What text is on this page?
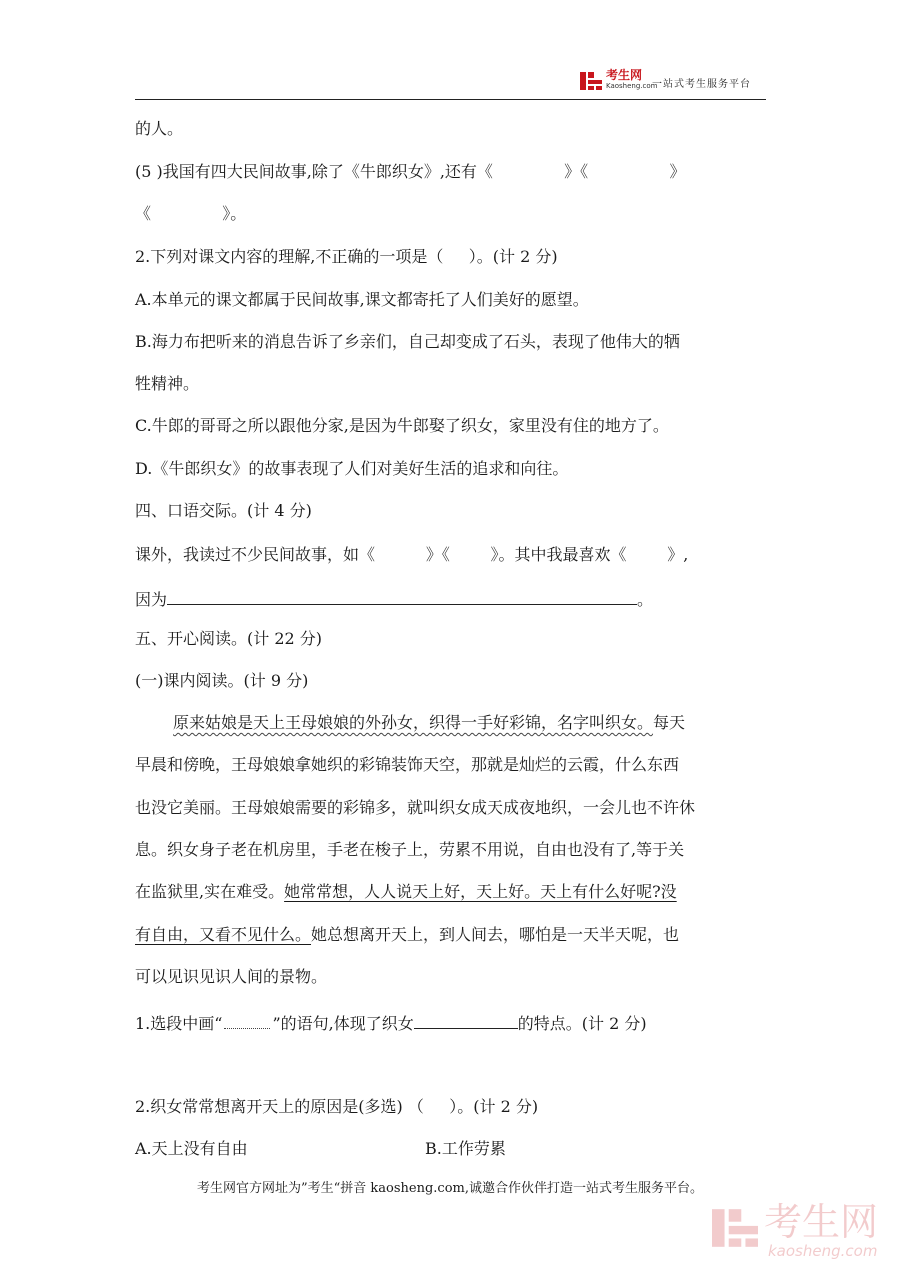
考生网
Kaosheng.com
一站式考生服务平台
的人。
(5 )我国有四大民间故事,除了《牛郎织女》,还有《              》《                》
《              》。
2.下列对课文内容的理解,不正确的一项是（     ）。(计 2 分)
A.本单元的课文都属于民间故事,课文都寄托了人们美好的愿望。
B.海力布把听来的消息告诉了乡亲们，自己却变成了石头，表现了他伟大的牺
牲精神。
C.牛郎的哥哥之所以跟他分家,是因为牛郎娶了织女，家里没有住的地方了。
D.《牛郎织女》的故事表现了人们对美好生活的追求和向往。
四、口语交际。(计 4 分)
课外，我读过不少民间故事，如《          》《        》。其中我最喜欢《        》,
因为	。
五、开心阅读。(计 22 分)
(一)课内阅读。(计 9 分)
原来姑娘是天上王母娘娘的外孙女，织得一手好彩锦，名字叫织女。每天
早晨和傍晚，王母娘娘拿她织的彩锦装饰天空，那就是灿烂的云霞，什么东西
也没它美丽。王母娘娘需要的彩锦多，就叫织女成天成夜地织，一会儿也不许休
息。织女身子老在机房里，手老在梭子上，劳累不用说，自由也没有了,等于关
在监狱里,实在难受。她常常想，人人说天上好，天上好。天上有什么好呢?没
有自由，又看不见什么。她总想离开天上，到人间去，哪怕是一天半天呢，也
可以见识见识人间的景物。
1.选段中画“	”的语句,体现了织女	的特点。(计 2 分)
2.织女常常想离开天上的原因是(多选) （     ）。(计 2 分)
A.天上没有自由	B.工作劳累
考生网官方网址为”考生“拼音 kaosheng.com,诚邀合作伙伴打造一站式考生服务平台。
考生网
kaosheng.com
